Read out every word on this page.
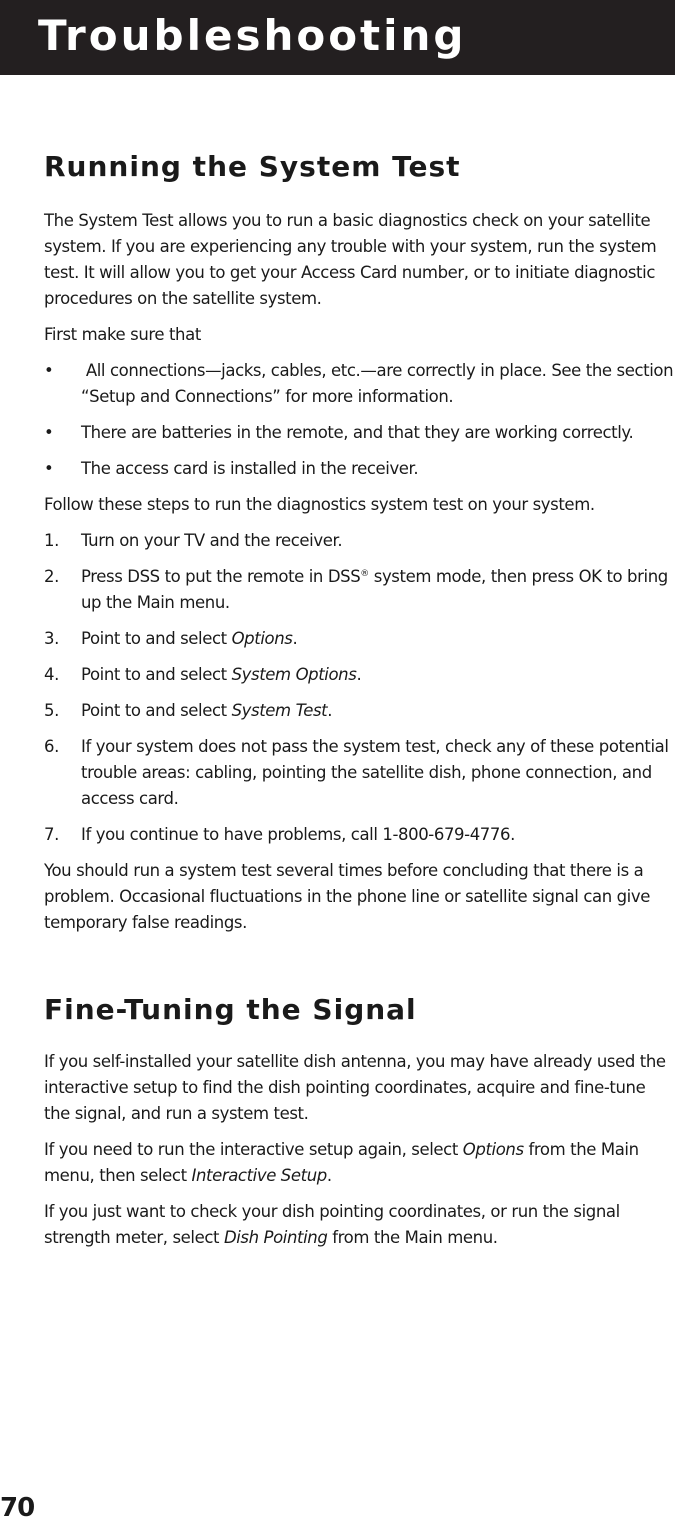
Troubleshooting
Running the System Test

The System Test allows you to run a basic diagnostics check on your satellite system. If you are experiencing any trouble with your system, run the system test. It will allow you to get your Access Card number, or to initiate diagnostic procedures on the satellite system.

First make sure that

• All connections—jacks, cables, etc.—are correctly in place. See the section “Setup and Connections” for more information.
• There are batteries in the remote, and that they are working correctly.
• The access card is installed in the receiver.

Follow these steps to run the diagnostics system test on your system.

1. Turn on your TV and the receiver.
2. Press DSS to put the remote in DSS® system mode, then press OK to bring up the Main menu.
3. Point to and select Options.
4. Point to and select System Options.
5. Point to and select System Test.
6. If your system does not pass the system test, check any of these potential trouble areas: cabling, pointing the satellite dish, phone connection, and access card.
7. If you continue to have problems, call 1-800-679-4776.

You should run a system test several times before concluding that there is a problem. Occasional fluctuations in the phone line or satellite signal can give temporary false readings.

Fine-Tuning the Signal

If you self-installed your satellite dish antenna, you may have already used the interactive setup to find the dish pointing coordinates, acquire and fine-tune the signal, and run a system test.

If you need to run the interactive setup again, select Options from the Main menu, then select Interactive Setup.

If you just want to check your dish pointing coordinates, or run the signal strength meter, select Dish Pointing from the Main menu.

70
